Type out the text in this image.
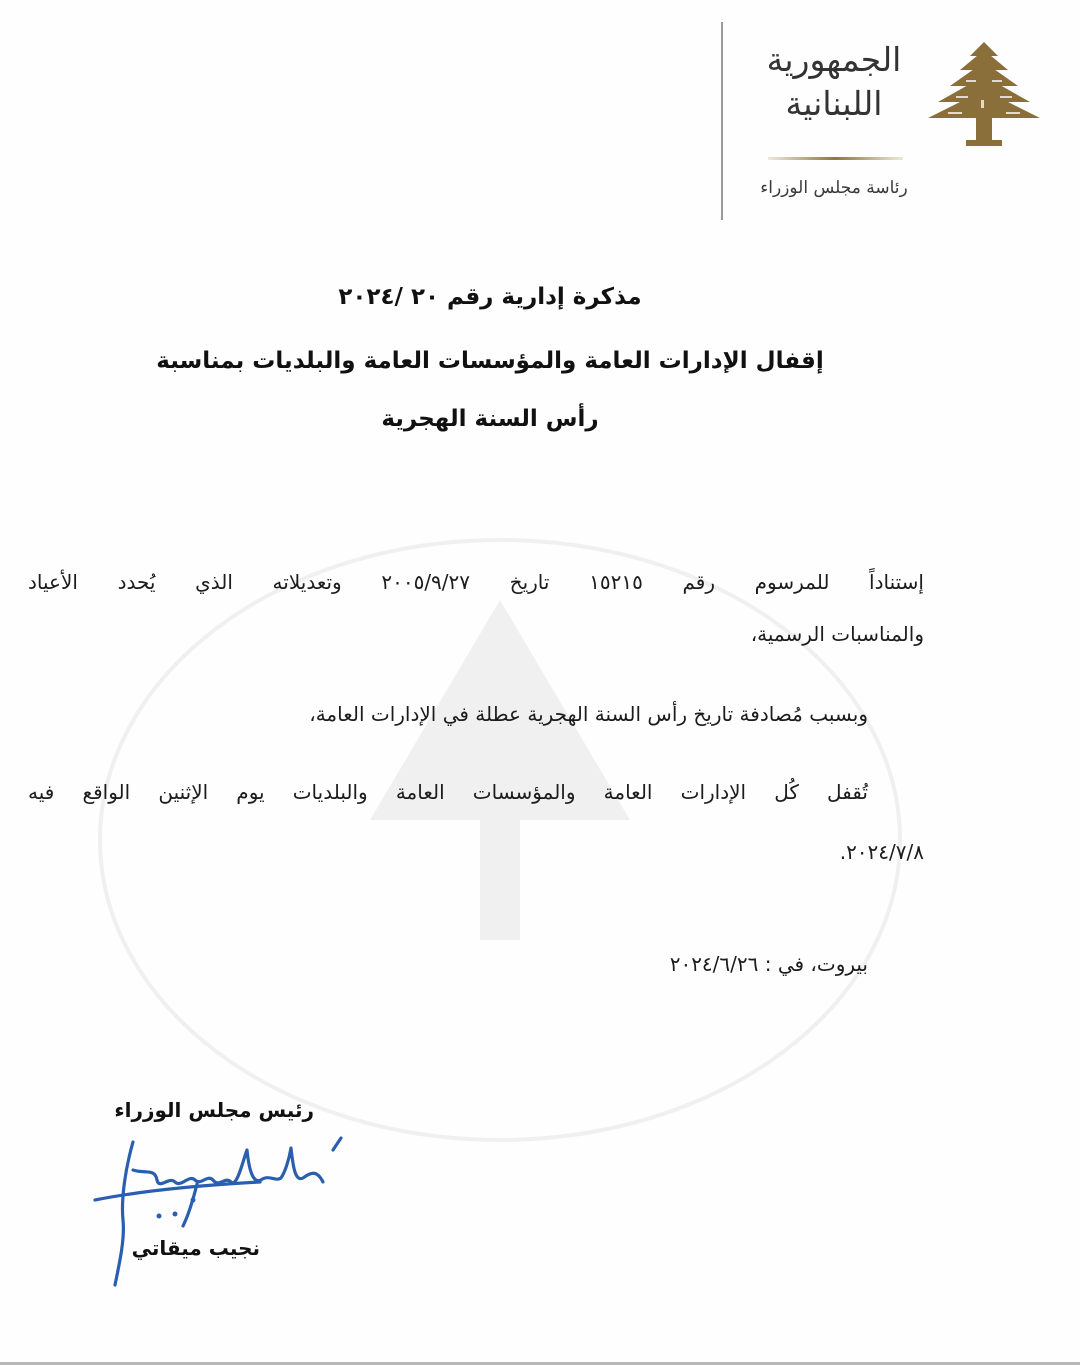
الجمهورية
اللبنانية
رئاسة مجلس الوزراء
مذكرة إدارية رقم ٢٠ /٢٠٢٤
إقفال الإدارات العامة والمؤسسات العامة والبلديات بمناسبة
رأس السنة الهجرية
إستناداً للمرسوم رقم ١٥٢١٥ تاريخ ٢٠٠٥/٩/٢٧ وتعديلاته الذي يُحدد الأعياد
والمناسبات الرسمية،
وبسبب مُصادفة تاريخ رأس السنة الهجرية عطلة في الإدارات العامة،
تُقفل كُل الإدارات العامة والمؤسسات العامة والبلديات يوم الإثنين الواقع فيه
٢٠٢٤/٧/٨.
بيروت، في : ٢٠٢٤/٦/٢٦
رئيس مجلس الوزراء
نجيب ميقاتي
